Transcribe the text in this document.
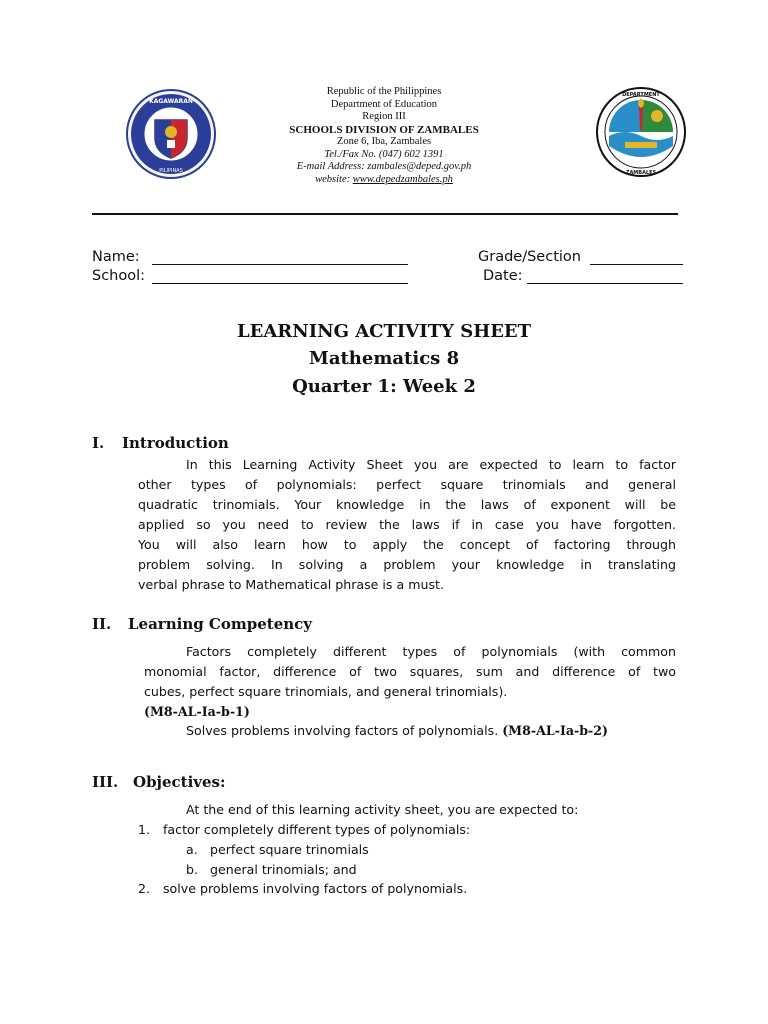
KAGAWARAN
PILIPINAS
DEPARTMENT
ZAMBALES
Republic of the Philippines
Department of Education
Region III
SCHOOLS DIVISION OF ZAMBALES
Zone 6, Iba, Zambales
Tel./Fax No. (047) 602 1391
E-mail Address: zambales@deped.gov.ph
website: www.depedzambales.ph
Name:
School:
Grade/Section
Date:
LEARNING ACTIVITY SHEET
Mathematics 8
Quarter 1: Week 2
I. Introduction
In this Learning Activity Sheet you are expected to learn to factor
other types of polynomials: perfect square trinomials and general
quadratic trinomials. Your knowledge in the laws of exponent will be
applied so you need to review the laws if in case you have forgotten.
You will also learn how to apply the concept of factoring through
problem solving. In solving a problem your knowledge in translating
verbal phrase to Mathematical phrase is a must.
II. Learning Competency
Factors completely different types of polynomials (with common
monomial factor, difference of two squares, sum and difference of two
cubes, perfect square trinomials, and general trinomials).
(M8-AL-Ia-b-1)
Solves problems involving factors of polynomials. (M8-AL-Ia-b-2)
III. Objectives:
At the end of this learning activity sheet, you are expected to:
1. factor completely different types of polynomials:
a. perfect square trinomials
b. general trinomials; and
2. solve problems involving factors of polynomials.
